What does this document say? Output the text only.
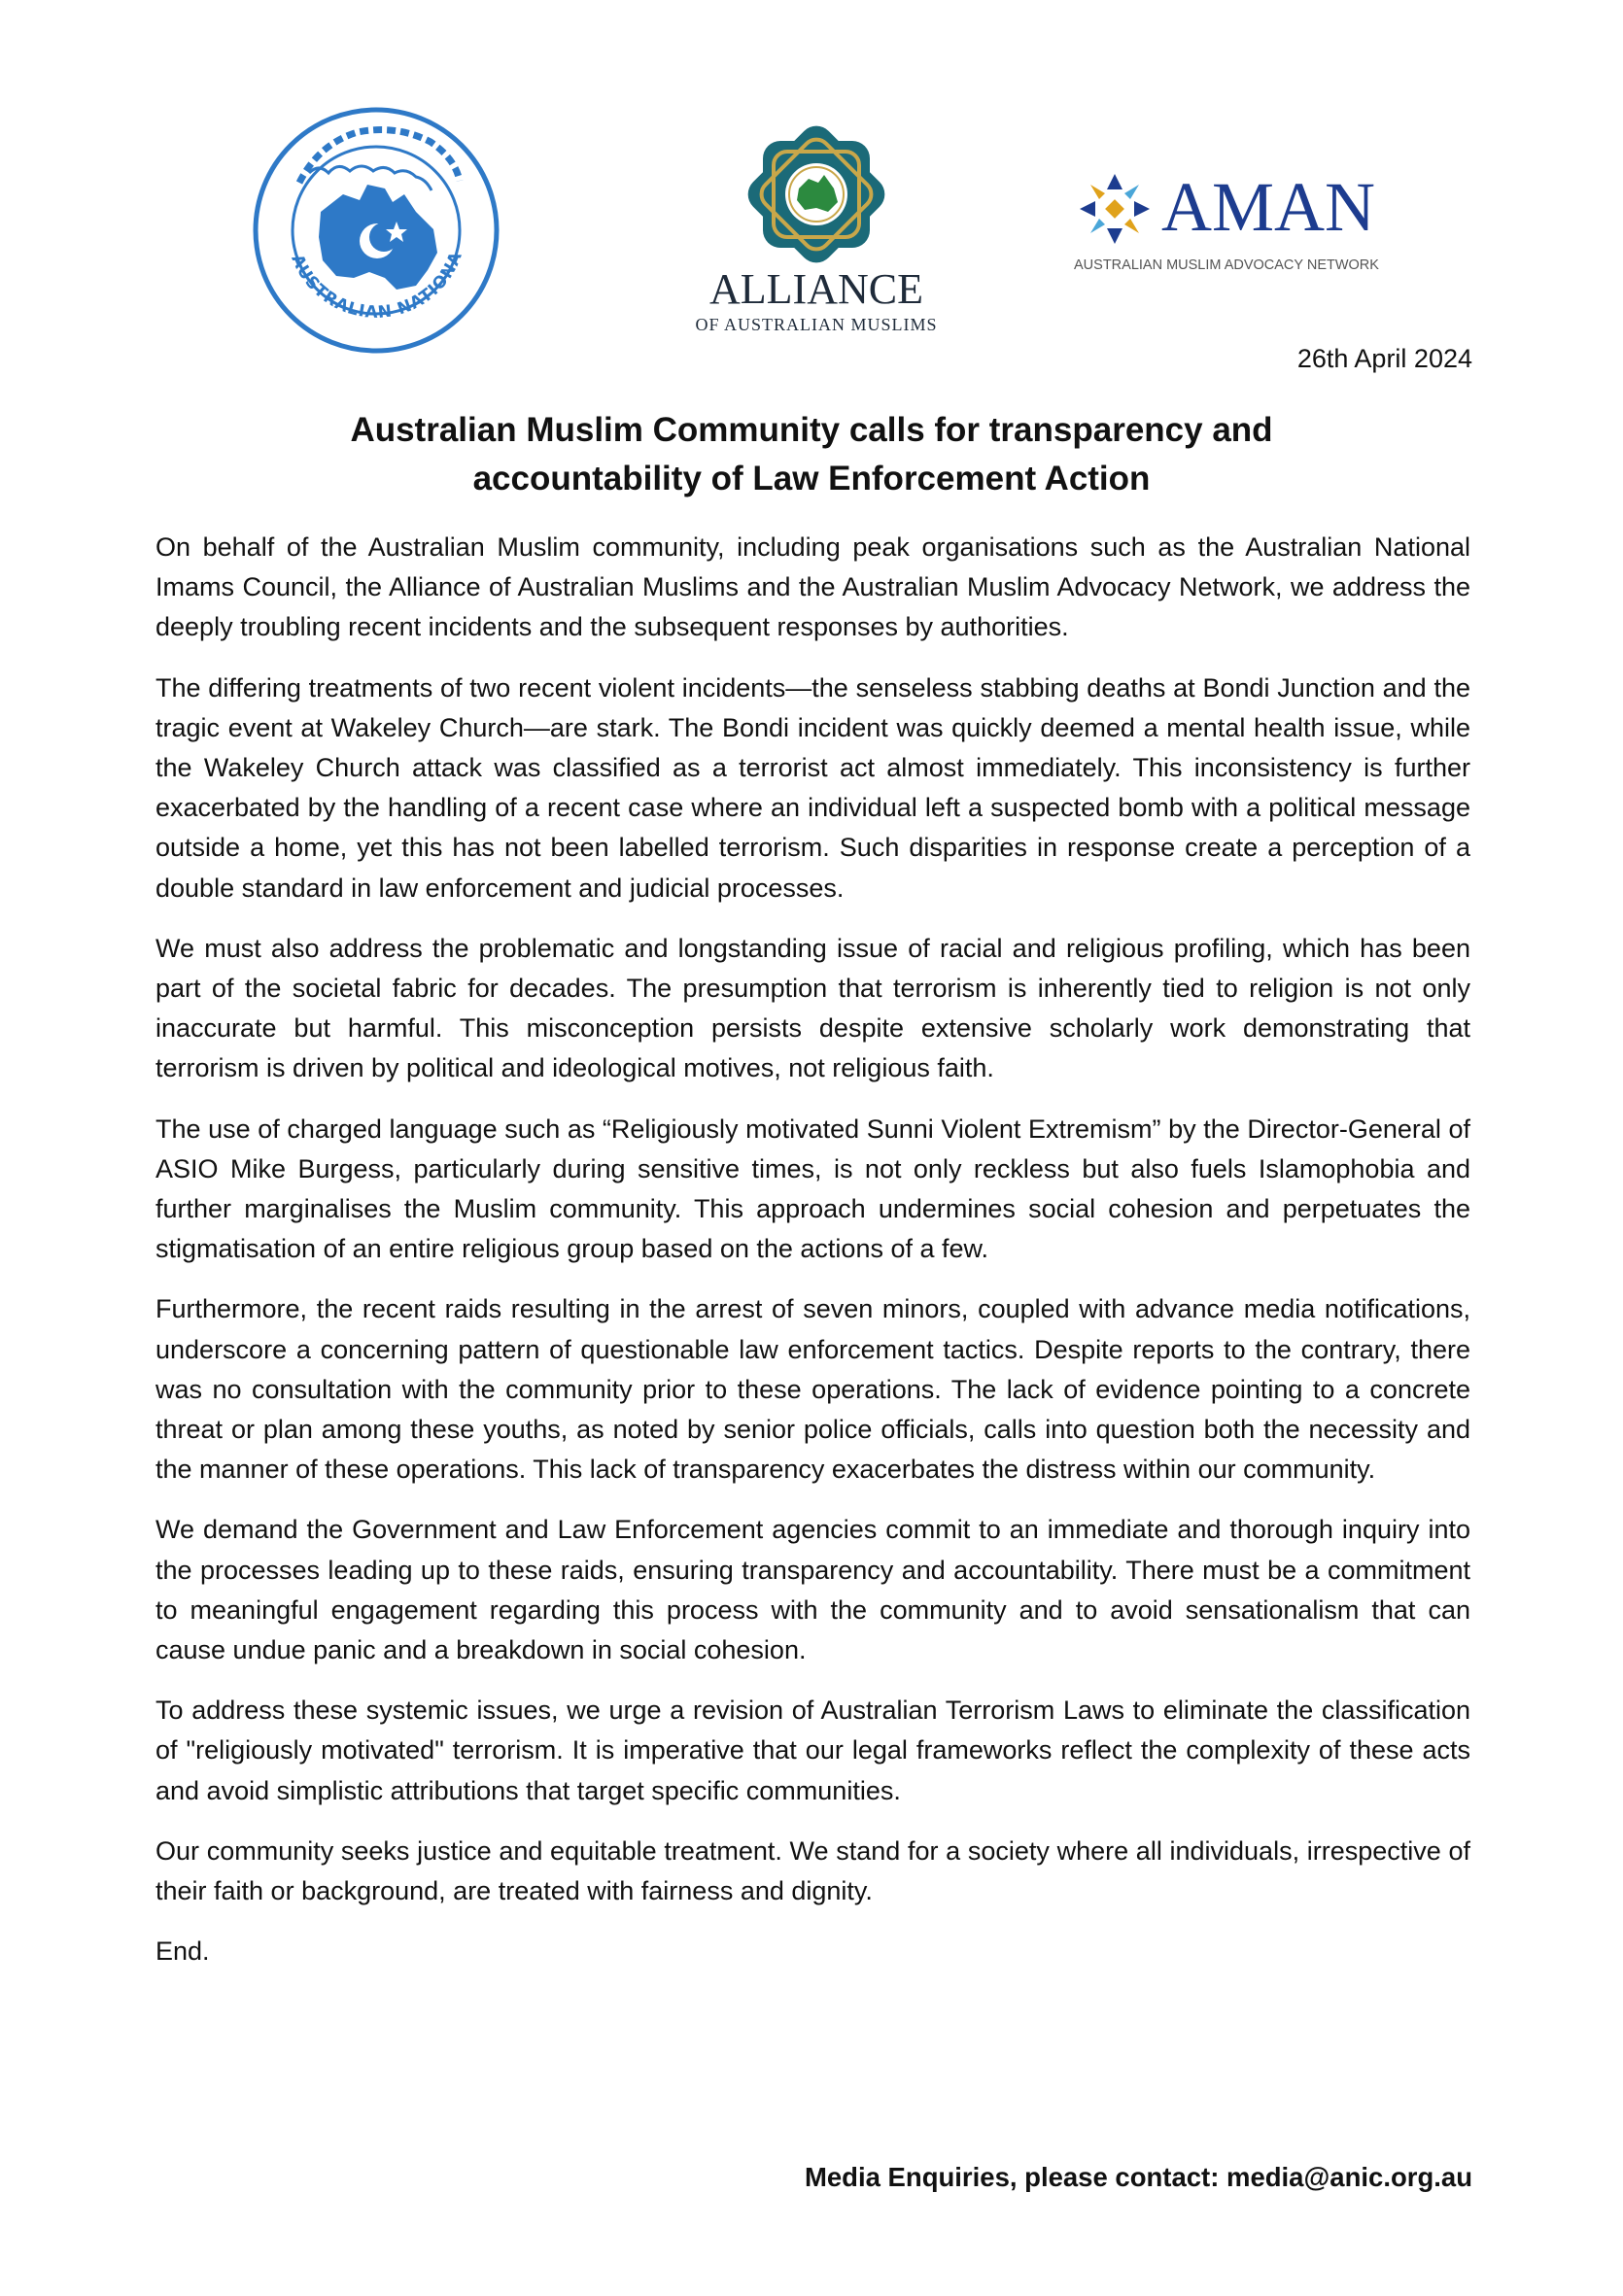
AUSTRALIAN NATIONA
ALLIANCE
OF AUSTRALIAN MUSLIMS
AMAN
AUSTRALIAN MUSLIM ADVOCACY NETWORK
26th April 2024
Australian Muslim Community calls for transparency and
accountability of Law Enforcement Action

On behalf of the Australian Muslim community, including peak organisations such as the Australian National Imams Council, the Alliance of Australian Muslims and the Australian Muslim Advocacy Network, we address the deeply troubling recent incidents and the subsequent responses by authorities.

The differing treatments of two recent violent incidents—the senseless stabbing deaths at Bondi Junction and the tragic event at Wakeley Church—are stark. The Bondi incident was quickly deemed a mental health issue, while the Wakeley Church attack was classified as a terrorist act almost immediately. This inconsistency is further exacerbated by the handling of a recent case where an individual left a suspected bomb with a political message outside a home, yet this has not been labelled terrorism. Such disparities in response create a perception of a double standard in law enforcement and judicial processes.

We must also address the problematic and longstanding issue of racial and religious profiling, which has been part of the societal fabric for decades. The presumption that terrorism is inherently tied to religion is not only inaccurate but harmful. This misconception persists despite extensive scholarly work demonstrating that terrorism is driven by political and ideological motives, not religious faith.

The use of charged language such as “Religiously motivated Sunni Violent Extremism” by the Director-General of ASIO Mike Burgess, particularly during sensitive times, is not only reckless but also fuels Islamophobia and further marginalises the Muslim community. This approach undermines social cohesion and perpetuates the stigmatisation of an entire religious group based on the actions of a few.

Furthermore, the recent raids resulting in the arrest of seven minors, coupled with advance media notifications, underscore a concerning pattern of questionable law enforcement tactics. Despite reports to the contrary, there was no consultation with the community prior to these operations. The lack of evidence pointing to a concrete threat or plan among these youths, as noted by senior police officials, calls into question both the necessity and the manner of these operations. This lack of transparency exacerbates the distress within our community.

We demand the Government and Law Enforcement agencies commit to an immediate and thorough inquiry into the processes leading up to these raids, ensuring transparency and accountability. There must be a commitment to meaningful engagement regarding this process with the community and to avoid sensationalism that can cause undue panic and a breakdown in social cohesion.

To address these systemic issues, we urge a revision of Australian Terrorism Laws to eliminate the classification of "religiously motivated" terrorism. It is imperative that our legal frameworks reflect the complexity of these acts and avoid simplistic attributions that target specific communities.

Our community seeks justice and equitable treatment. We stand for a society where all individuals, irrespective of their faith or background, are treated with fairness and dignity.

End.

Media Enquiries, please contact: media@anic.org.au
